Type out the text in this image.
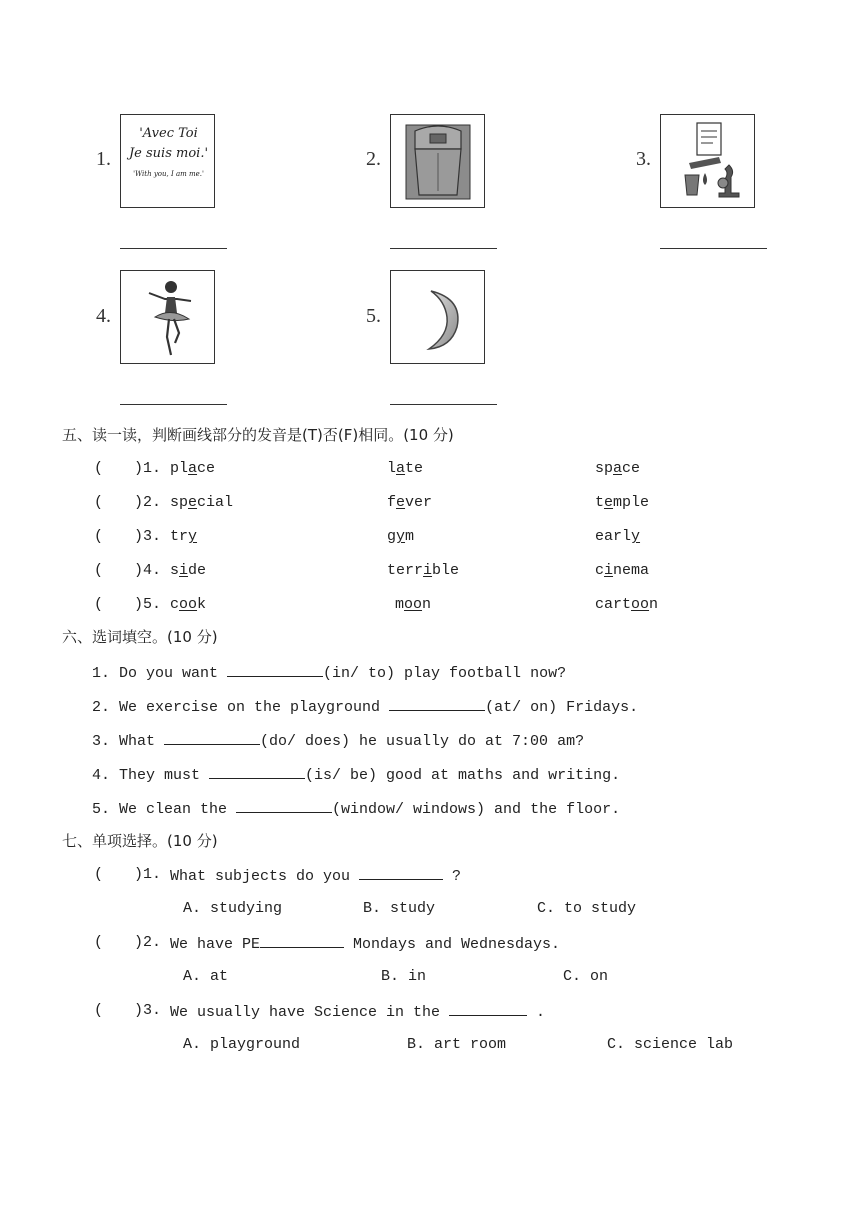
1.
'Avec Toi
Je suis moi.'
'With you, I am me.'
2.	3.
4.	5.
五、读一读，判断画线部分的发音是(T)否(F)相同。(10 分)
( )1. place	late	space
( )2. special	fever	temple
( )3. try	gym	early
( )4. side	terrible	cinema
( )5. cook	moon	cartoon
六、选词填空。(10 分)
1. Do you want	(in/ to) play football now?
2. We exercise on the playground	(at/ on) Fridays.
3. What	(do/ does) he usually do at 7:00 am?
4. They must	(is/ be) good at maths and writing.
5. We clean the	(window/ windows) and the floor.
七、单项选择。(10 分)
( )1. What subjects do you	?
A. studying	B. study	C. to study
( )2. We have PE	Mondays and Wednesdays.
A. at	B. in	C. on
( )3. We usually have Science in the	.
A. playground	B. art room	C. science lab
